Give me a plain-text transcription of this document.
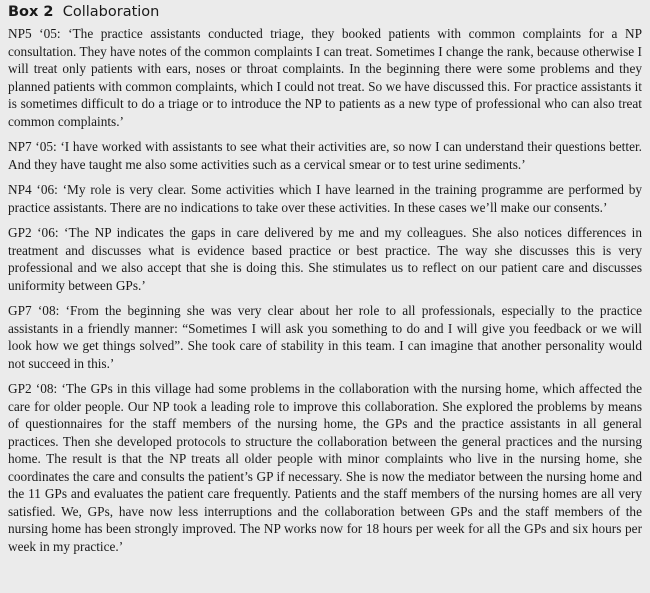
Box 2 Collaboration

NP5 ‘05: ‘The practice assistants conducted triage, they booked patients with common complaints for a NP consultation. They have notes of the common complaints I can treat. Sometimes I change the rank, because otherwise I will treat only patients with ears, noses or throat complaints. In the beginning there were some problems and they planned patients with common complaints, which I could not treat. So we have discussed this. For practice assistants it is sometimes difficult to do a triage or to introduce the NP to patients as a new type of professional who can also treat common complaints.’

NP7 ‘05: ‘I have worked with assistants to see what their activities are, so now I can understand their questions better. And they have taught me also some activities such as a cervical smear or to test urine sediments.’

NP4 ‘06: ‘My role is very clear. Some activities which I have learned in the training programme are performed by practice assistants. There are no indications to take over these activities. In these cases we’ll make our consents.’

GP2 ‘06: ‘The NP indicates the gaps in care delivered by me and my colleagues. She also notices differences in treatment and discusses what is evidence based practice or best practice. The way she discusses this is very professional and we also accept that she is doing this. She stimulates us to reflect on our patient care and discusses uniformity between GPs.’

GP7 ‘08: ‘From the beginning she was very clear about her role to all professionals, especially to the practice assistants in a friendly manner: “Sometimes I will ask you something to do and I will give you feedback or we will look how we get things solved”. She took care of stability in this team. I can imagine that another personality would not succeed in this.’

GP2 ‘08: ‘The GPs in this village had some problems in the collaboration with the nursing home, which affected the care for older people. Our NP took a leading role to improve this collaboration. She explored the problems by means of questionnaires for the staff members of the nursing home, the GPs and the practice assistants in all general practices. Then she developed protocols to structure the collaboration between the general practices and the nursing home. The result is that the NP treats all older people with minor complaints who live in the nursing home, she coordinates the care and consults the patient’s GP if necessary. She is now the mediator between the nursing home and the 11 GPs and evaluates the patient care frequently. Patients and the staff members of the nursing homes are all very satisfied. We, GPs, have now less interruptions and the collaboration between GPs and the staff members of the nursing home has been strongly improved. The NP works now for 18 hours per week for all the GPs and six hours per week in my practice.’
